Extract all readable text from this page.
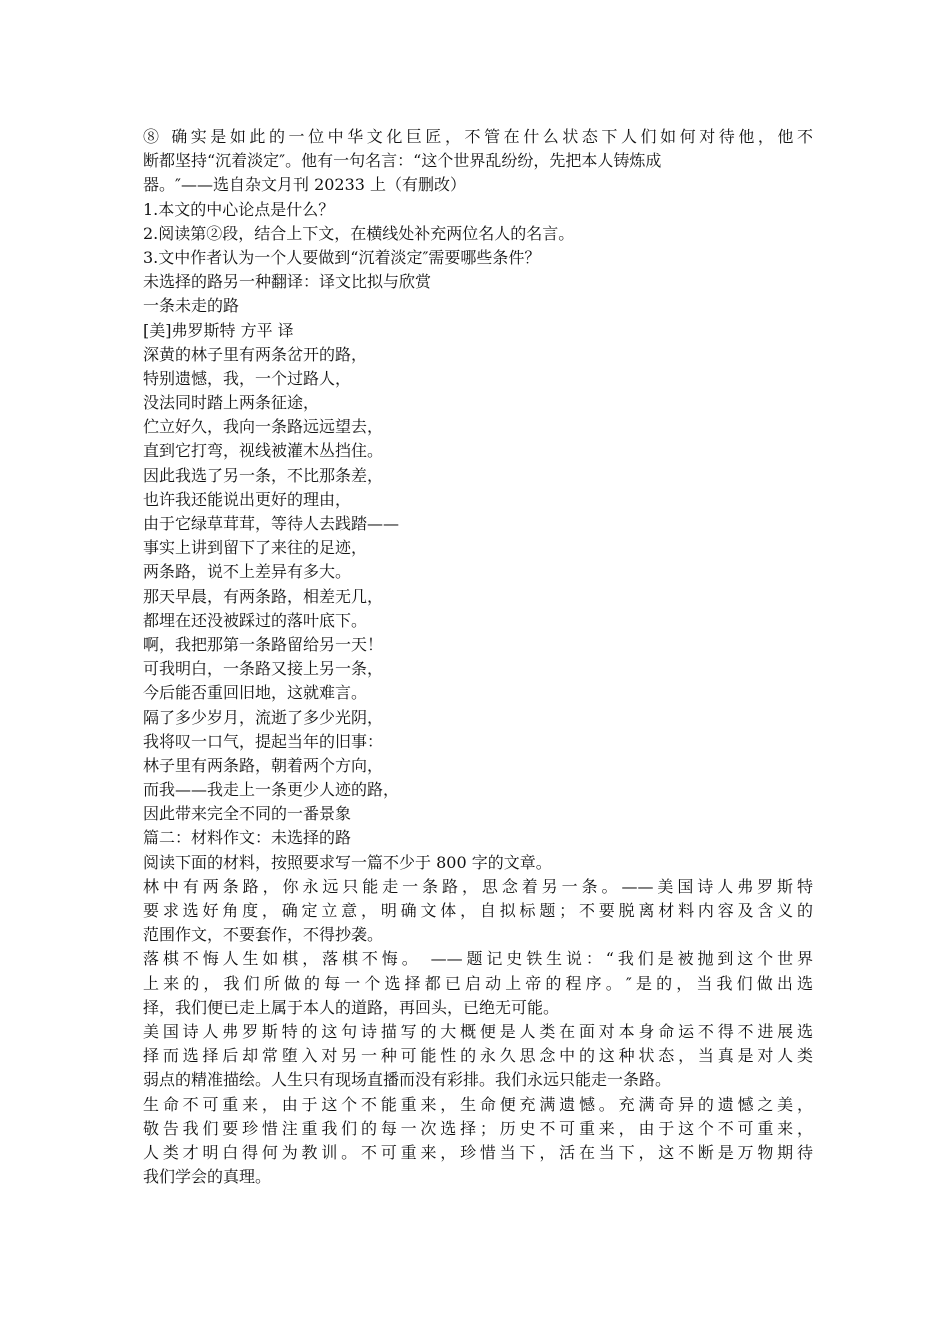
⑧ 确实是如此的一位中华文化巨匠，不管在什么状态下人们如何对待他，他不
断都坚持“沉着淡定″。他有一句名言：“这个世界乱纷纷，先把本人铸炼成
器。″——选自杂文月刊 20233 上（有删改）
1.本文的中心论点是什么？
2.阅读第②段，结合上下文，在横线处补充两位名人的名言。
3.文中作者认为一个人要做到“沉着淡定″需要哪些条件？
未选择的路另一种翻译：译文比拟与欣赏
一条未走的路
[美]弗罗斯特 方平 译
深黄的林子里有两条岔开的路，
特别遗憾，我，一个过路人，
没法同时踏上两条征途，
伫立好久，我向一条路远远望去，
直到它打弯，视线被灌木丛挡住。
因此我选了另一条，不比那条差，
也许我还能说出更好的理由，
由于它绿草茸茸，等待人去践踏——
事实上讲到留下了来往的足迹，
两条路，说不上差异有多大。
那天早晨，有两条路，相差无几，
都埋在还没被踩过的落叶底下。
啊，我把那第一条路留给另一天！
可我明白，一条路又接上另一条，
今后能否重回旧地，这就难言。
隔了多少岁月，流逝了多少光阴，
我将叹一口气，提起当年的旧事：
林子里有两条路，朝着两个方向，
而我——我走上一条更少人迹的路，
因此带来完全不同的一番景象
篇二：材料作文：未选择的路
阅读下面的材料，按照要求写一篇不少于 800 字的文章。
林中有两条路，你永远只能走一条路，思念着另一条。——美国诗人弗罗斯特
要求选好角度，确定立意，明确文体，自拟标题；不要脱离材料内容及含义的
范围作文，不要套作，不得抄袭。
落棋不悔人生如棋，落棋不悔。 ——题记史铁生说：“我们是被抛到这个世界
上来的，我们所做的每一个选择都已启动上帝的程序。″是的，当我们做出选
择，我们便已走上属于本人的道路，再回头，已绝无可能。
美国诗人弗罗斯特的这句诗描写的大概便是人类在面对本身命运不得不进展选
择而选择后却常堕入对另一种可能性的永久思念中的这种状态，当真是对人类
弱点的精准描绘。人生只有现场直播而没有彩排。我们永远只能走一条路。
生命不可重来，由于这个不能重来，生命便充满遗憾。充满奇异的遗憾之美，
敬告我们要珍惜注重我们的每一次选择；历史不可重来，由于这个不可重来，
人类才明白得何为教训。不可重来，珍惜当下，活在当下，这不断是万物期待
我们学会的真理。
